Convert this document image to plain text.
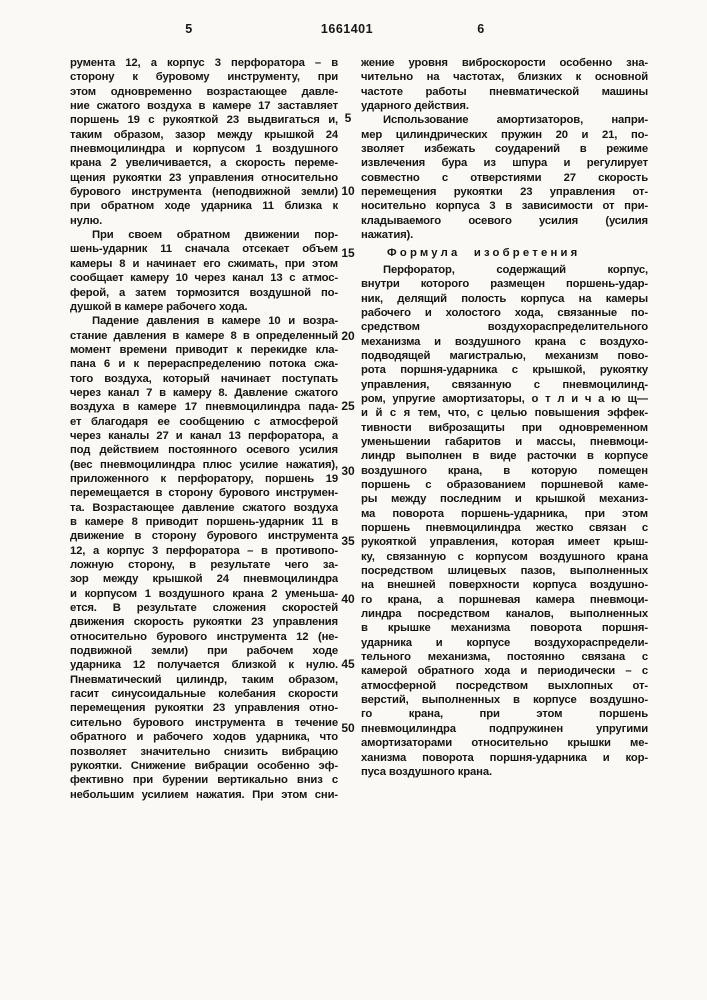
5	1661401	6
румента 12, а корпус 3 перфоратора – в
сторону к буровому инструменту, при
этом одновременно возрастающее давле-
ние сжатого воздуха в камере 17 заставляет
поршень 19 с рукояткой 23 выдвигаться и,
таким образом, зазор между крышкой 24
пневмоцилиндра и корпусом 1 воздушного
крана 2 увеличивается, а скорость переме-
щения рукоятки 23 управления относительно
бурового инструмента (неподвижной земли)
при обратном ходе ударника 11 близка к
нулю.
При своем обратном движении пор-
шень-ударник 11 сначала отсекает объем
камеры 8 и начинает его сжимать, при этом
сообщает камеру 10 через канал 13 с атмос-
ферой, а затем тормозится воздушной по-
душкой в камере рабочего хода.
Падение давления в камере 10 и возра-
стание давления в камере 8 в определенный
момент времени приводит к перекидке кла-
пана 6 и к перераспределению потока сжа-
того воздуха, который начинает поступать
через канал 7 в камеру 8. Давление сжатого
воздуха в камере 17 пневмоцилиндра пада-
ет благодаря ее сообщению с атмосферой
через каналы 27 и канал 13 перфоратора, а
под действием постоянного осевого усилия
(вес пневмоцилиндра плюс усилие нажатия),
приложенного к перфоратору, поршень 19
перемещается в сторону бурового инструмен-
та. Возрастающее давление сжатого воздуха
в камере 8 приводит поршень-ударник 11 в
движение в сторону бурового инструмента
12, а корпус 3 перфоратора – в противопо-
ложную сторону, в результате чего за-
зор между крышкой 24 пневмоцилиндра
и корпусом 1 воздушного крана 2 уменьша-
ется. В результате сложения скоростей
движения скорость рукоятки 23 управления
относительно бурового инструмента 12 (не-
подвижной земли) при рабочем ходе
ударника 12 получается близкой к нулю.
Пневматический цилиндр, таким образом,
гасит синусоидальные колебания скорости
перемещения рукоятки 23 управления отно-
сительно бурового инструмента в течение
обратного и рабочего ходов ударника, что
позволяет значительно снизить вибрацию
рукоятки. Снижение вибрации особенно эф-
фективно при бурении вертикально вниз с
небольшим усилием нажатия. При этом сни-
жение уровня виброскорости особенно зна-
чительно на частотах, близких к основной
частоте работы пневматической машины
ударного действия.
Использование амортизаторов, напри-
мер цилиндрических пружин 20 и 21, по-
зволяет избежать соударений в режиме
извлечения бура из шпура и регулирует
совместно с отверстиями 27 скорость
перемещения рукоятки 23 управления от-
носительно корпуса 3 в зависимости от при-
кладываемого осевого усилия (усилия
нажатия).
Формула изобретения
Перфоратор, содержащий корпус,
внутри которого размещен поршень-удар-
ник, делящий полость корпуса на камеры
рабочего и холостого хода, связанные по-
средством воздухораспределительного
механизма и воздушного крана с воздухо-
подводящей магистралью, механизм пово-
рота поршня-ударника с крышкой, рукоятку
управления, связанную с пневмоцилинд-
ром, упругие амортизаторы, о т л и ч а ю щ—
и й с я тем, что, с целью повышения эффек-
тивности виброзащиты при одновременном
уменьшении габаритов и массы, пневмоци-
линдр выполнен в виде расточки в корпусе
воздушного крана, в которую помещен
поршень с образованием поршневой каме-
ры между последним и крышкой механиз-
ма поворота поршень-ударника, при этом
поршень пневмоцилиндра жестко связан с
рукояткой управления, которая имеет крыш-
ку, связанную с корпусом воздушного крана
посредством шлицевых пазов, выполненных
на внешней поверхности корпуса воздушно-
го крана, а поршневая камера пневмоци-
линдра посредством каналов, выполненных
в крышке механизма поворота поршня-
ударника и корпусе воздухораспредели-
тельного механизма, постоянно связана с
камерой обратного хода и периодически – с
атмосферной посредством выхлопных от-
верстий, выполненных в корпусе воздушно-
го крана, при этом поршень
пневмоцилиндра подпружинен упругими
амортизаторами относительно крышки ме-
ханизма поворота поршня-ударника и кор-
пуса воздушного крана.
5
10
15
20
25
30
35
40
45
50
